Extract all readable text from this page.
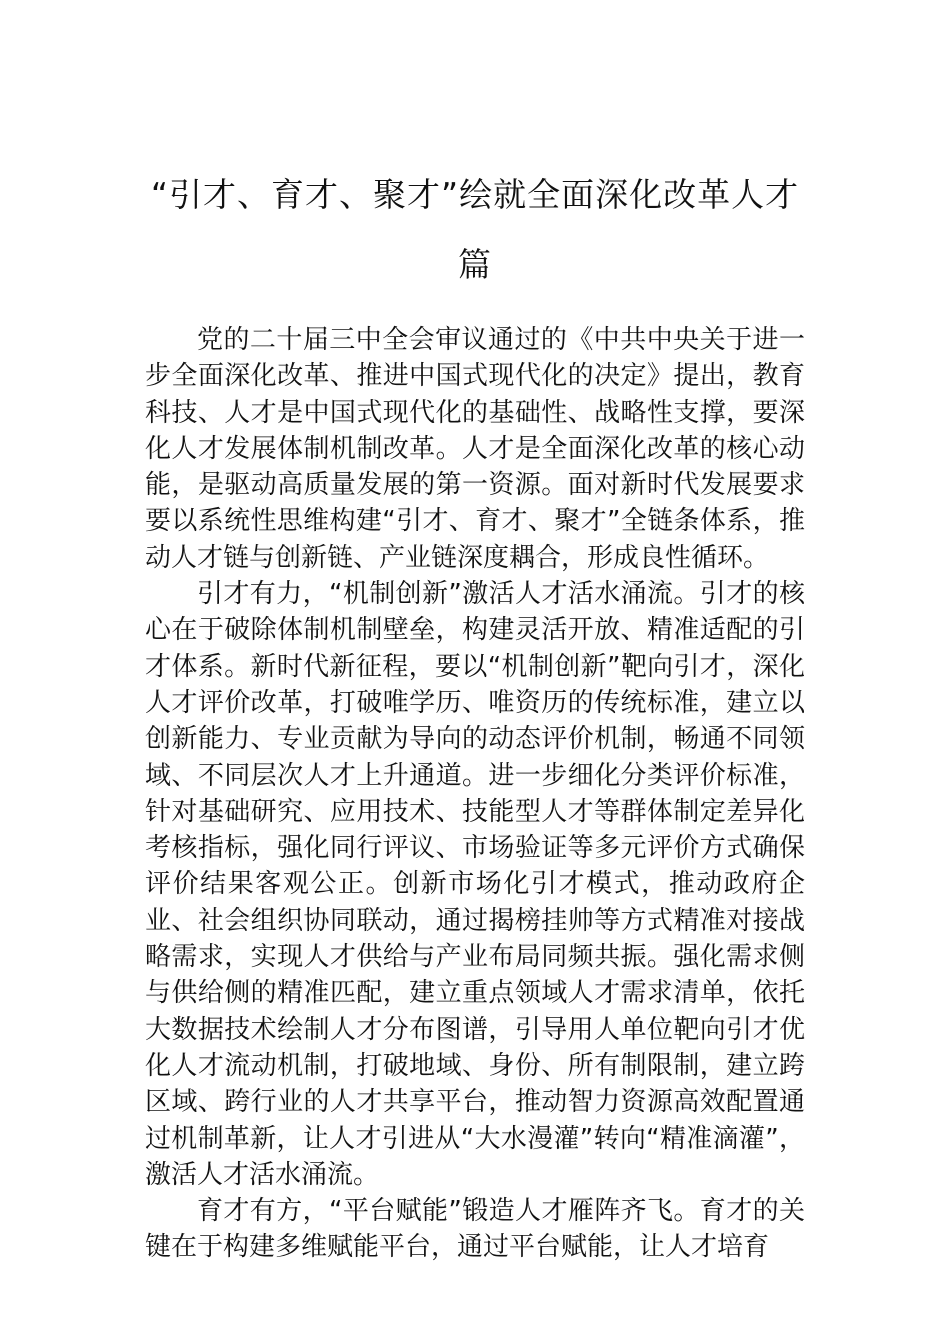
“引才、育才、聚才”绘就全面深化改革人才篇

党的二十届三中全会审议通过的《中共中央关于进一步全面深化改革、推进中国式现代化的决定》提出，教育科技、人才是中国式现代化的基础性、战略性支撑，要深化人才发展体制机制改革。人才是全面深化改革的核心动能，是驱动高质量发展的第一资源。面对新时代发展要求要以系统性思维构建“引才、育才、聚才”全链条体系，推动人才链与创新链、产业链深度耦合，形成良性循环。

引才有力，“机制创新”激活人才活水涌流。引才的核心在于破除体制机制壁垒，构建灵活开放、精准适配的引才体系。新时代新征程，要以“机制创新”靶向引才，深化人才评价改革，打破唯学历、唯资历的传统标准，建立以创新能力、专业贡献为导向的动态评价机制，畅通不同领域、不同层次人才上升通道。进一步细化分类评价标准，针对基础研究、应用技术、技能型人才等群体制定差异化考核指标，强化同行评议、市场验证等多元评价方式确保评价结果客观公正。创新市场化引才模式，推动政府企业、社会组织协同联动，通过揭榜挂帅等方式精准对接战略需求，实现人才供给与产业布局同频共振。强化需求侧与供给侧的精准匹配，建立重点领域人才需求清单，依托大数据技术绘制人才分布图谱，引导用人单位靶向引才优化人才流动机制，打破地域、身份、所有制限制，建立跨区域、跨行业的人才共享平台，推动智力资源高效配置通过机制革新，让人才引进从“大水漫灌”转向“精准滴灌”，激活人才活水涌流。

育才有方，“平台赋能”锻造人才雁阵齐飞。育才的关键在于构建多维赋能平台，通过平台赋能，让人才培育
